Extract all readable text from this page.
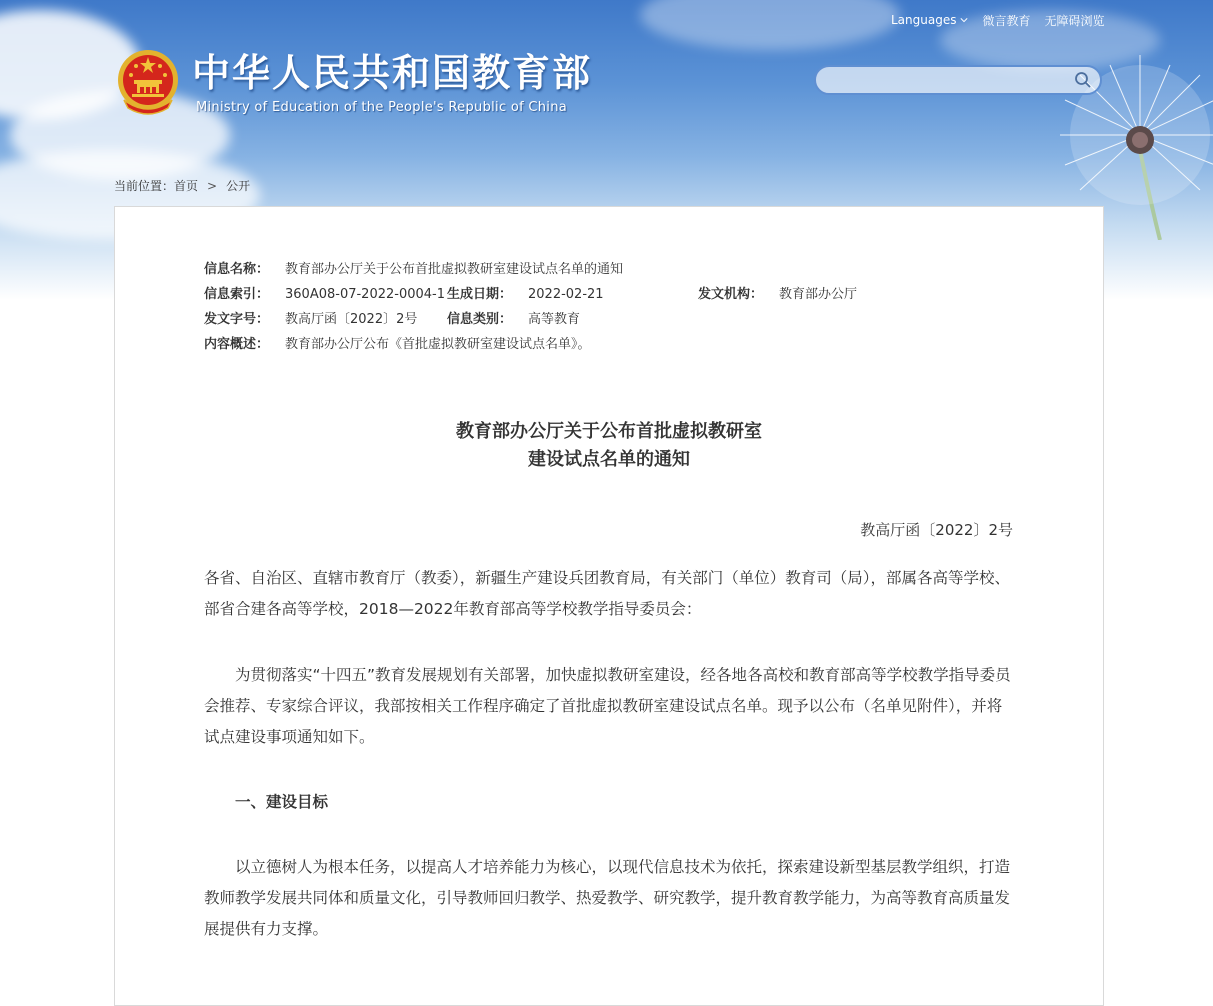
Languages 微言教育 无障碍浏览
中华人民共和国教育部
Ministry of Education of the People's Republic of China
当前位置： 首页 > 公开
信息名称： 教育部办公厅关于公布首批虚拟教研室建设试点名单的通知
信息索引： 360A08-07-2022-0004-1 生成日期： 2022-02-21	发文机构： 教育部办公厅
发文字号： 教高厅函〔2022〕2号 信息类别： 高等教育
内容概述： 教育部办公厅公布《首批虚拟教研室建设试点名单》。
教育部办公厅关于公布首批虚拟教研室
建设试点名单的通知
教高厅函〔2022〕2号

各省、自治区、直辖市教育厅（教委），新疆生产建设兵团教育局，有关部门（单位）教育司（局），部属各高等学校、部省合建各高等学校，2018—2022年教育部高等学校教学指导委员会：

为贯彻落实“十四五”教育发展规划有关部署，加快虚拟教研室建设，经各地各高校和教育部高等学校教学指导委员会推荐、专家综合评议，我部按相关工作程序确定了首批虚拟教研室建设试点名单。现予以公布（名单见附件），并将试点建设事项通知如下。

一、建设目标

以立德树人为根本任务，以提高人才培养能力为核心，以现代信息技术为依托，探索建设新型基层教学组织，打造教师教学发展共同体和质量文化，引导教师回归教学、热爱教学、研究教学，提升教育教学能力，为高等教育高质量发展提供有力支撑。
